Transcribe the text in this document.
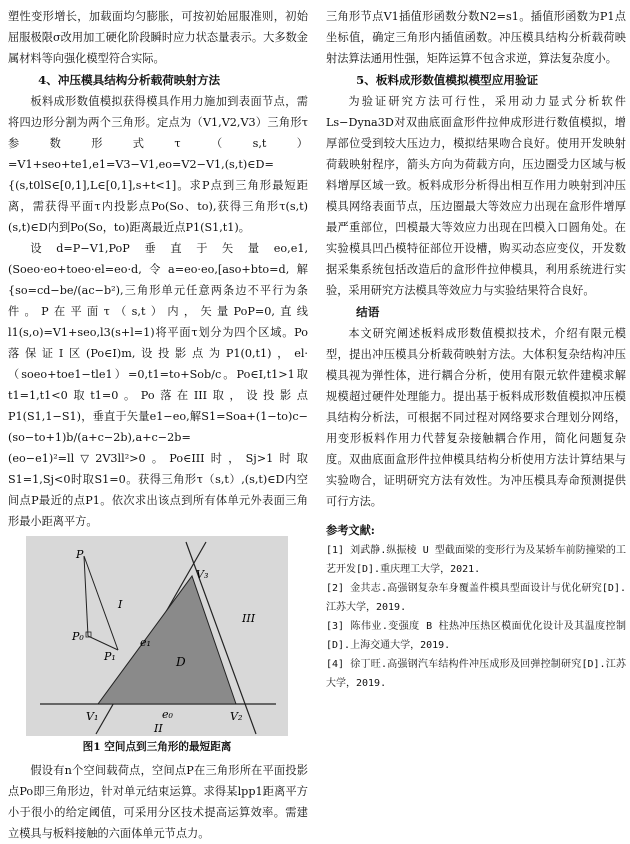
塑性变形增长，加载面均匀膨胀，可按初始屈服准则，初始屈服极限σ改用加工硬化阶段瞬时应力状态量表示。大多数金属材料等向强化模型符合实际。

4、冲压模具结构分析载荷映射方法

板料成形数值模拟获得模具作用力施加到表面节点，需将四边形分割为两个三角形。定点为（V1,V2,V3）三角形τ参数形式τ（s,t）=V1+seo+te1,e1=V3−V1,eo=V2−V1,(s,t)∈D={(s,t0lS∈[0,1],L∈[0,1],s+t<1]。求P点到三角形最短距离，需获得平面τ内投影点Po(So、to),获得三角形τ(s,t)(s,t)∈D内到Po(So，to)距离最近点P1(S1,t1)。

设d=P−V1,PoP垂直于矢量eo,e1,(Soeo·eo+toeo·el=eo·d,令a=eo·eo,[aso+bto=d,解{so=cd−be/(ac−b²),三角形单元任意两条边不平行为条件。P在平面τ（s,t）内，矢量PoP=0,直线l1(s,o)=V1+seo,l3(s+l=1)将平面τ划分为四个区域。Po落保证I区(Po∈I)m,设投影点为P1(0,t1)，el·（soeo+toe1−tle1）=0,t1=to+Sob/c。Po∈I,t1>1取t1=1,t1<0取t1=0。Po落在III取，设投影点P1(S1,1−S1)，垂直于矢量e1−eo,解S1=Soa+(1−to)c−(so−to+1)b/(a+c−2b),a+c−2b=(eo−e1)²=ll▽2V3ll²>0。Po∈III时，Sj>1时取S1=1,Sj<0时取S1=0。获得三角形τ（s,t）,(s,t)∈D内空间点P最近的点P1。依次求出该点到所有体单元外表面三角形最小距离平方。

P
P₀
P₁
V₁	V₂
V₃
e₀
e₁
D
I
II
III
图1 空间点到三角形的最短距离

假设有n个空间载荷点，空间点P在三角形所在平面投影点Po即三角形边，针对单元结束运算。求得某lpp1距离平方小于很小的给定阈值，可采用分区技术提高运算效率。需建立模具与板料接触的六面体单元节点力。

三角形节点V1插值形函数分数N2=s1。插值形函数为P1点坐标值，确定三角形内插值函数。冲压模具结构分析载荷映射法算法通用性强，矩阵运算不包含求逆，算法复杂度小。

5、板料成形数值模拟模型应用验证

为验证研究方法可行性，采用动力显式分析软件Ls−Dyna3D对双曲底面盒形件拉伸成形进行数值模拟，增厚部位受到较大压边力，模拟结果吻合良好。使用开发映射荷载映射程序，箭头方向为荷载方向，压边圈受力区域与板料增厚区域一致。板料成形分析得出相互作用力映射到冲压模具网络表面节点，压边圈最大等效应力出现在盒形件增厚最严重部位，凹模最大等效应力出现在凹模入口圆角处。在实验模具凹凸模特征部位开设槽，购买动态应变仪，开发数据采集系统包括改造后的盒形件拉伸模具，利用系统进行实验，采用研究方法模具等效应力与实验结果符合良好。

结语

本文研究阐述板料成形数值模拟技术，介绍有限元模型，提出冲压模具分析载荷映射方法。大体积复杂结构冲压模具视为弹性体，进行耦合分析，使用有限元软件建模求解规模超过硬件处理能力。提出基于板料成形数值模拟冲压模具结构分析法，可根据不同过程对网络要求合理划分网络，用变形板料作用力代替复杂接触耦合作用，简化问题复杂度。双曲底面盒形件拉伸模具结构分析使用方法计算结果与实验吻合，证明研究方法有效性。为冲压模具寿命预测提供可行方法。

参考文献:

[1] 刘武静.纵振棱 U 型截面梁的变形行为及某轿车前防撞梁的工艺开发[D].重庆理工大学，2021.

[2] 金共志.高强钢复杂车身覆盖件模具型面设计与优化研究[D].江苏大学，2019.

[3] 陈伟业.变强度 B 柱热冲压热区模面优化设计及其温度控制[D].上海交通大学，2019.

[4] 徐丁旺.高强钢汽车结构件冲压成形及回弹控制研究[D].江苏大学，2019.
